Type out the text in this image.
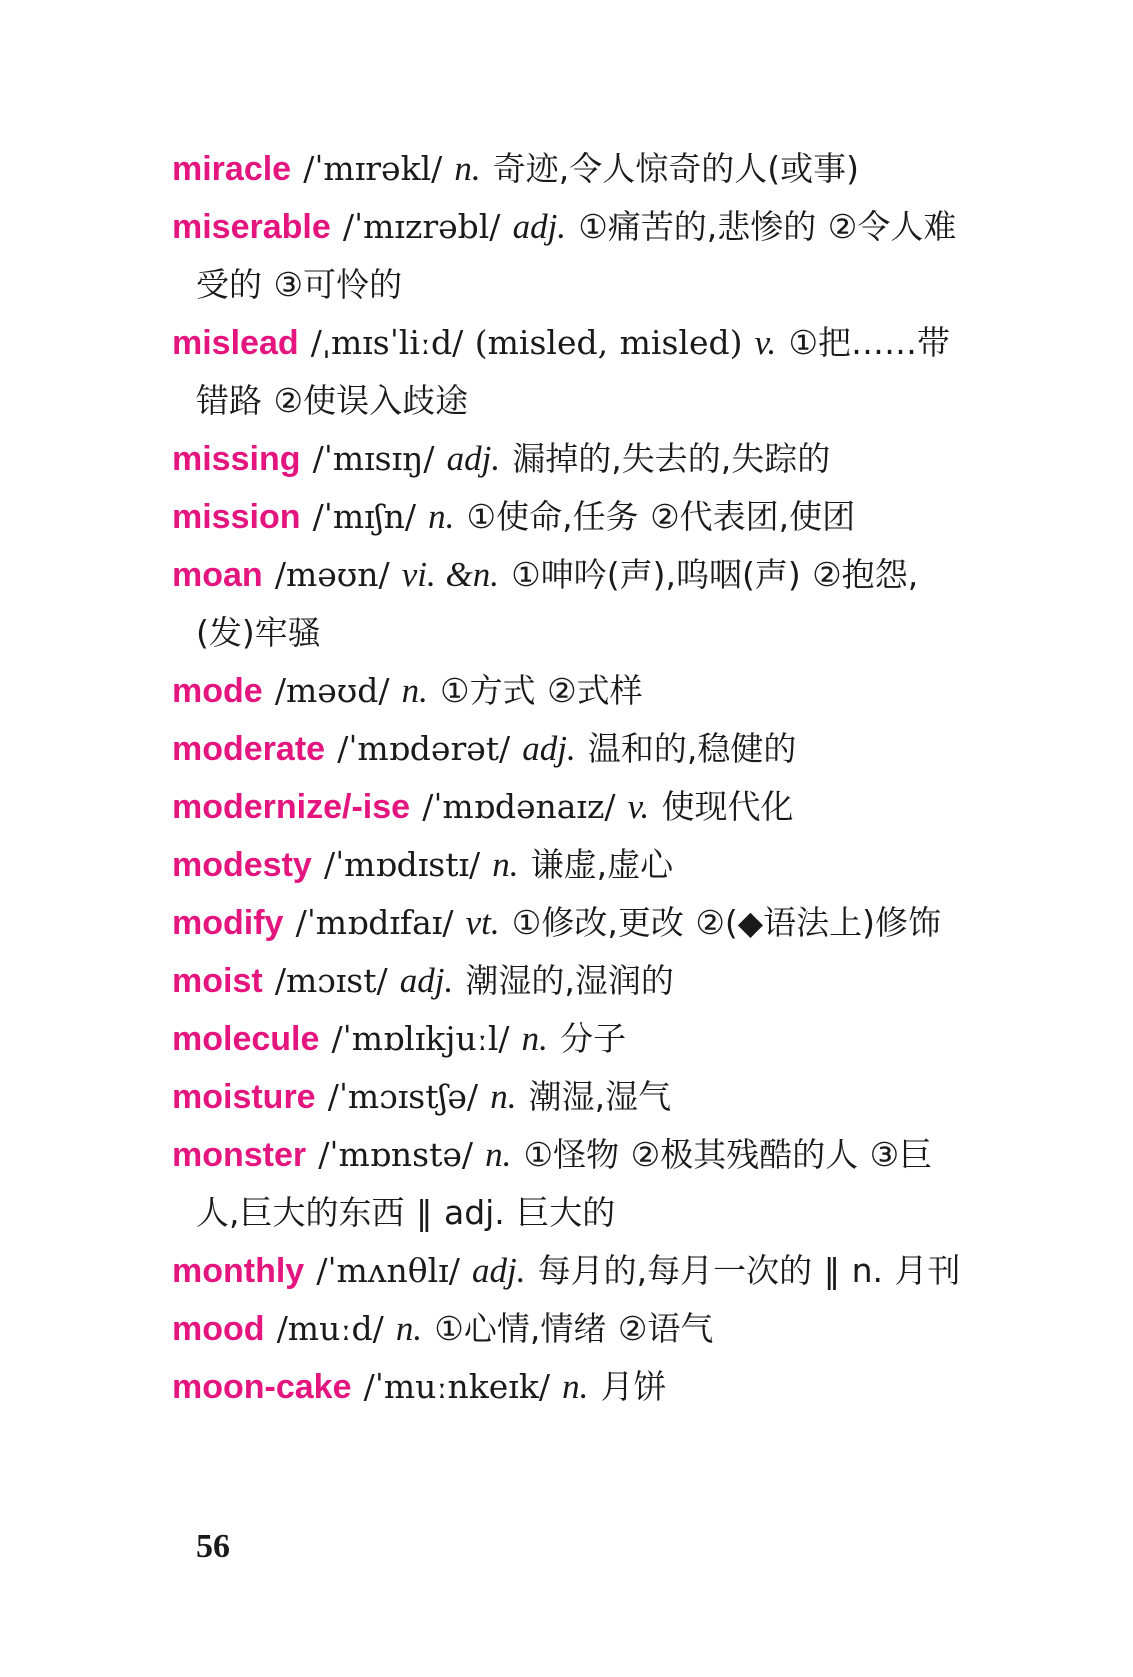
miracle /ˈmɪrəkl/ n. 奇迹,令人惊奇的人(或事)

miserable /ˈmɪzrəbl/ adj. ①痛苦的,悲惨的 ②令人难受的 ③可怜的

mislead /ˌmɪsˈliːd/ (misled, misled) v. ①把……带错路 ②使误入歧途

missing /ˈmɪsɪŋ/ adj. 漏掉的,失去的,失踪的

mission /ˈmɪʃn/ n. ①使命,任务 ②代表团,使团

moan /məʊn/ vi. &n. ①呻吟(声),呜咽(声) ②抱怨,(发)牢骚

mode /məʊd/ n. ①方式 ②式样

moderate /ˈmɒdərət/ adj. 温和的,稳健的

modernize/-ise /ˈmɒdənaɪz/ v. 使现代化

modesty /ˈmɒdɪstɪ/ n. 谦虚,虚心

modify /ˈmɒdɪfaɪ/ vt. ①修改,更改 ②(◆语法上)修饰

moist /mɔɪst/ adj. 潮湿的,湿润的

molecule /ˈmɒlɪkjuːl/ n. 分子

moisture /ˈmɔɪstʃə/ n. 潮湿,湿气

monster /ˈmɒnstə/ n. ①怪物 ②极其残酷的人 ③巨人,巨大的东西 ‖ adj. 巨大的

monthly /ˈmʌnθlɪ/ adj. 每月的,每月一次的 ‖ n. 月刊

mood /muːd/ n. ①心情,情绪 ②语气

moon-cake /ˈmuːnkeɪk/ n. 月饼

56
